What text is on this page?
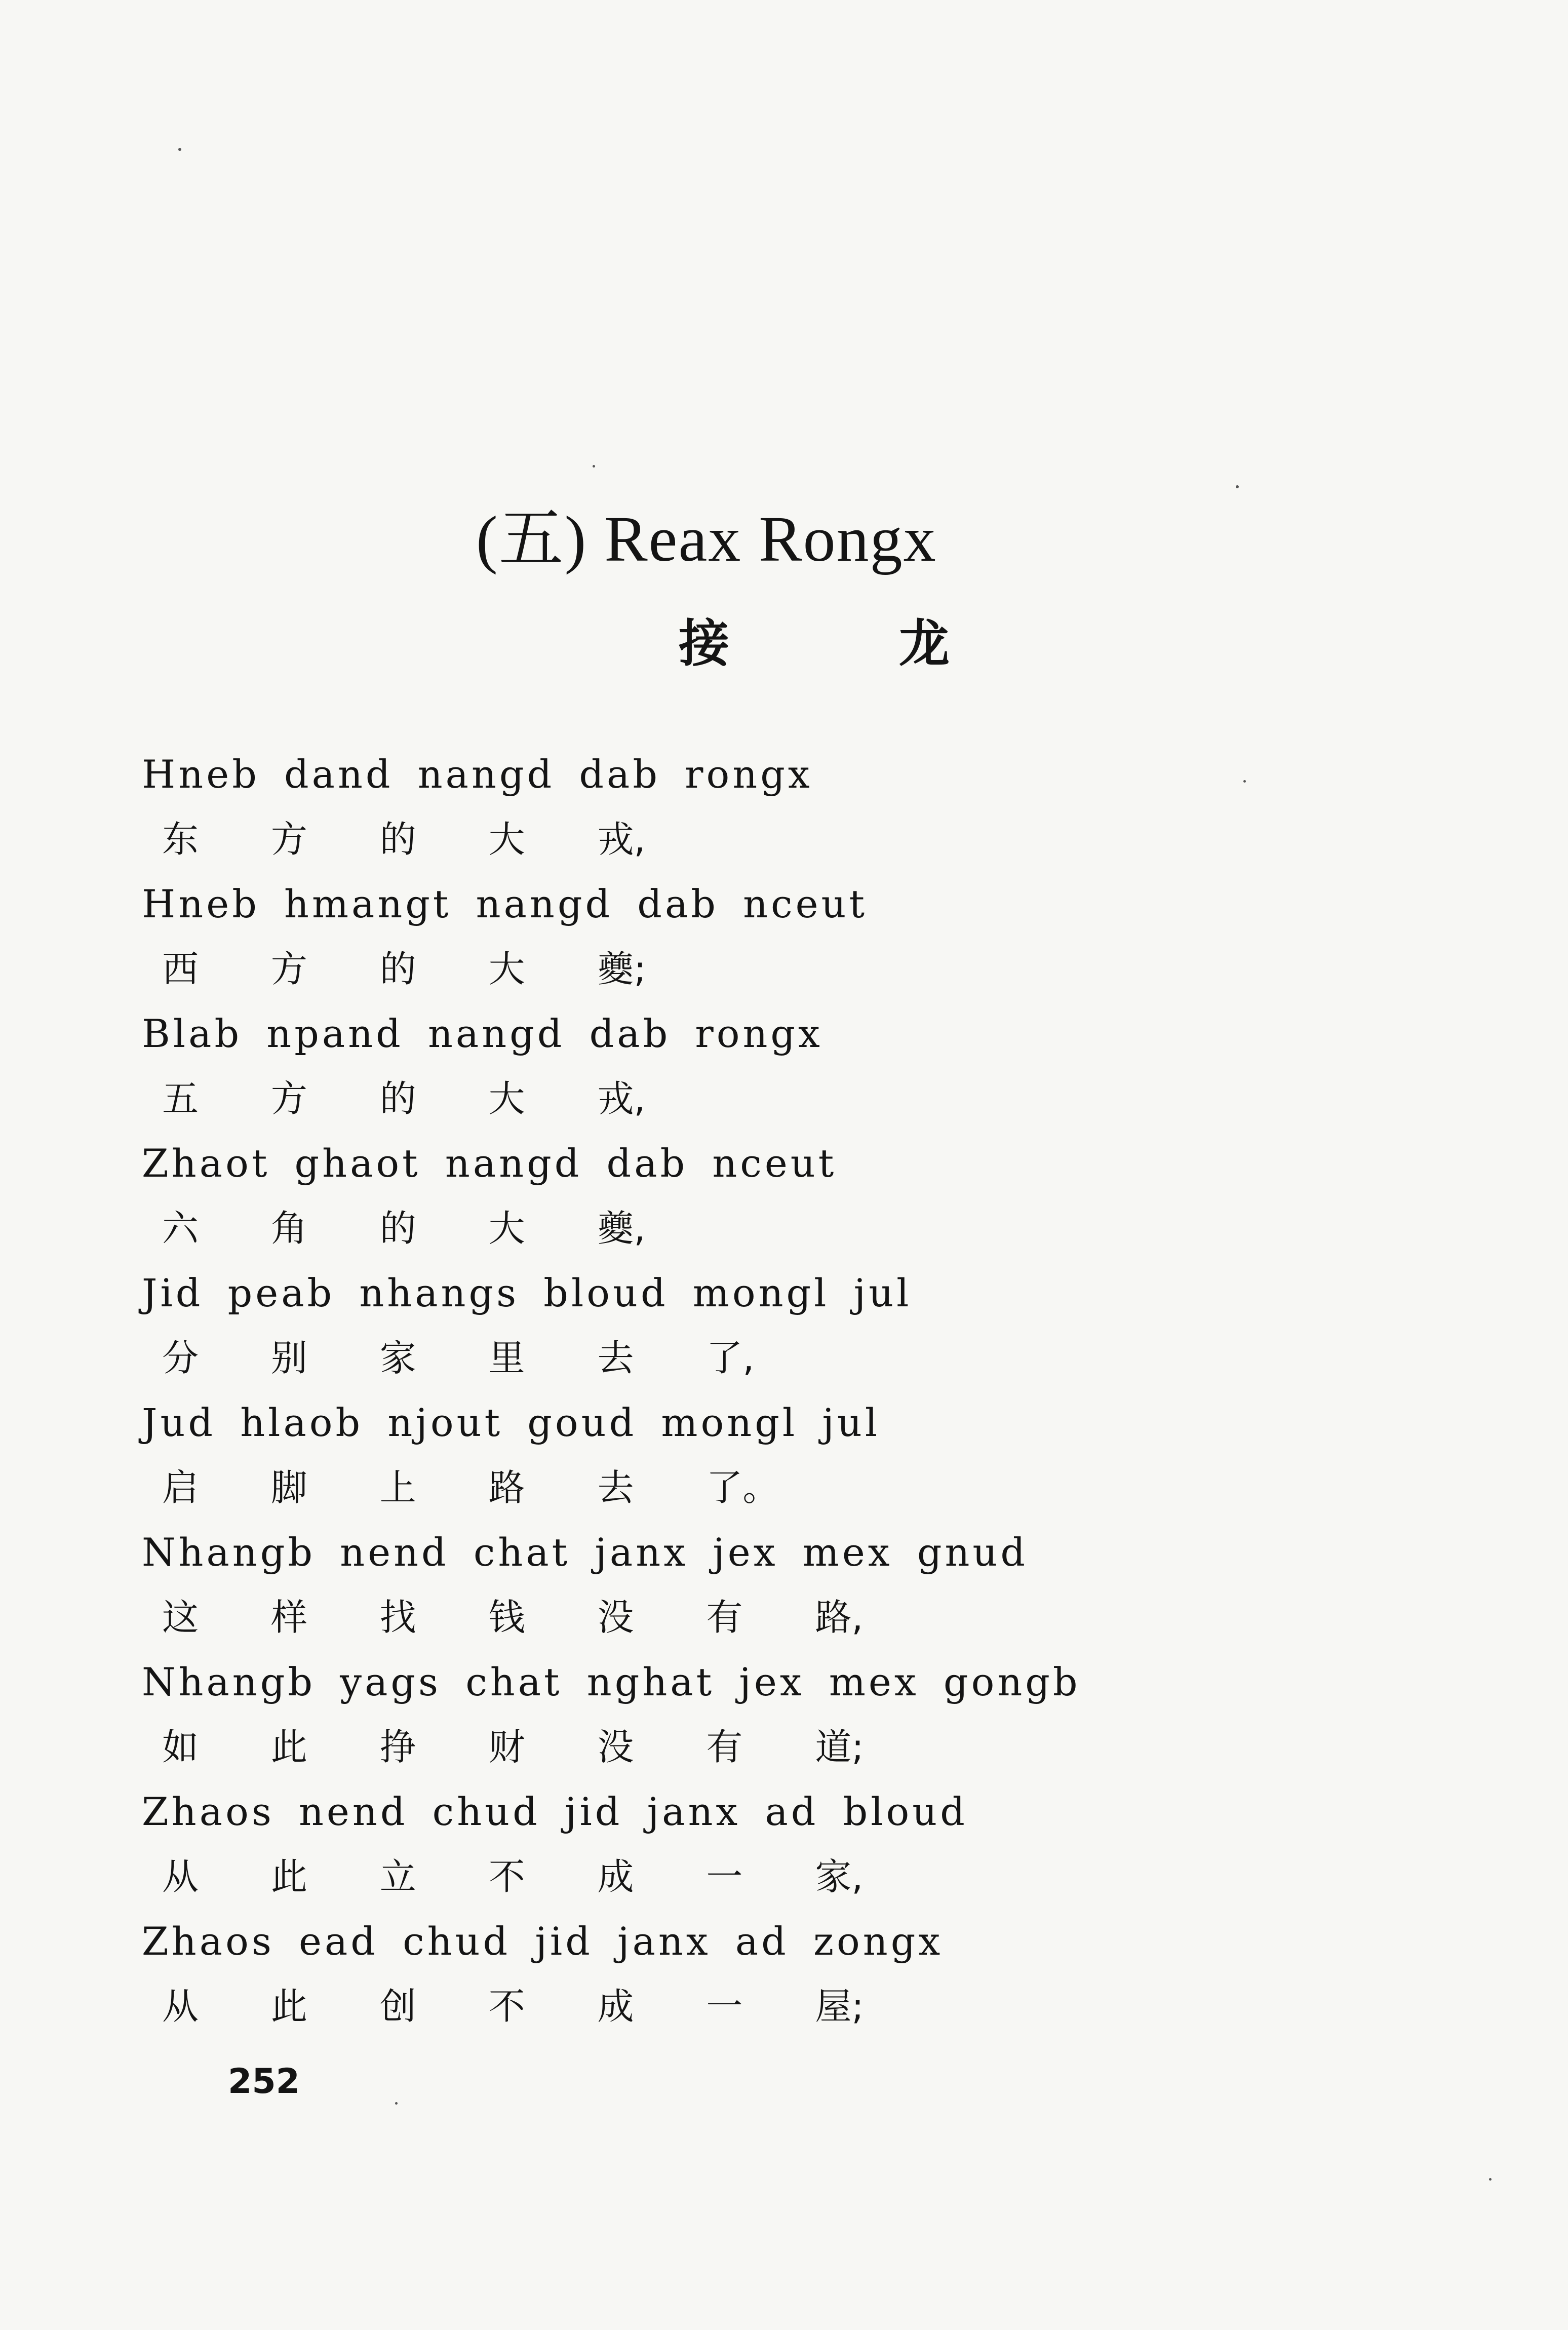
(五) Reax Rongx
接 龙
Hneb dand nangd dab rongx
东 方 的 大 戎,
Hneb hmangt nangd dab nceut
西 方 的 大 夔;
Blab npand nangd dab rongx
五 方 的 大 戎,
Zhaot ghaot nangd dab nceut
六 角 的 大 夔,
Jid peab nhangs bloud mongl jul
分 别 家 里 去 了,
Jud hlaob njout goud mongl jul
启 脚 上 路 去 了。
Nhangb nend chat janx jex mex gnud
这 样 找 钱 没 有 路,
Nhangb yags chat nghat jex mex gongb
如 此 挣 财 没 有 道;
Zhaos nend chud jid janx ad bloud
从 此 立 不 成 一 家,
Zhaos ead chud jid janx ad zongx
从 此 创 不 成 一 屋;
252
